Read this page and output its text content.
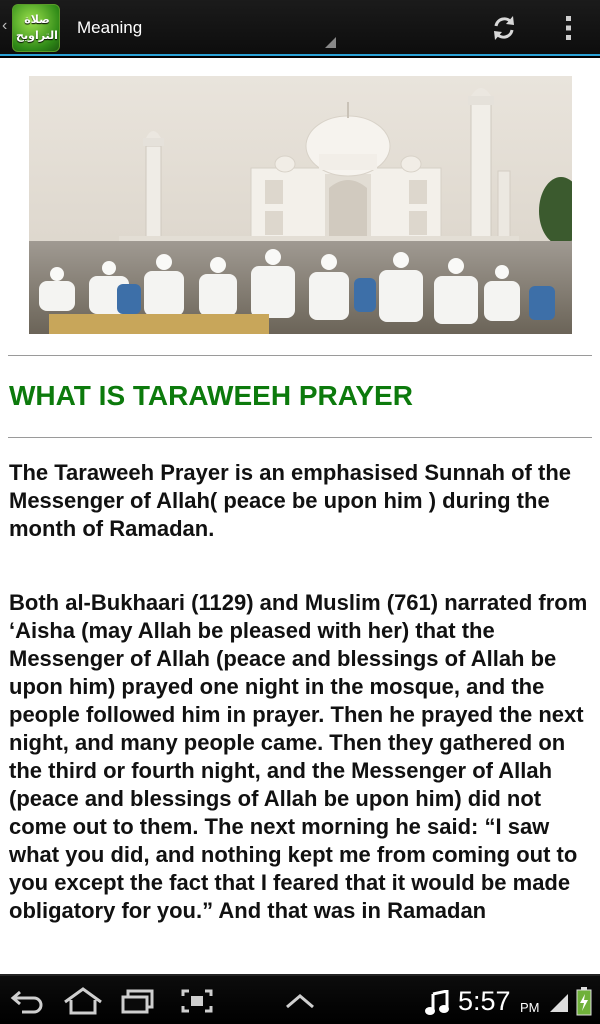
‹	صلاة
التراويح Meaning
WHAT IS TARAWEEH PRAYER

The Taraweeh Prayer is an emphasised Sunnah of the Messenger of Allah( peace be upon him ) during the month of Ramadan.

Both al-Bukhaari (1129) and Muslim (761) narrated from ‘Aisha (may Allah be pleased with her) that the Messenger of Allah (peace and blessings of Allah be upon him) prayed one night in the mosque, and the people followed him in prayer. Then he prayed the next night, and many people came. Then they gathered on the third or fourth night, and the Messenger of Allah (peace and blessings of Allah be upon him) did not come out to them. The next morning he said: “I saw what you did, and nothing kept me from coming out to you except the fact that I feared that it would be made obligatory for you.” And that was in Ramadan

5:57 PM
